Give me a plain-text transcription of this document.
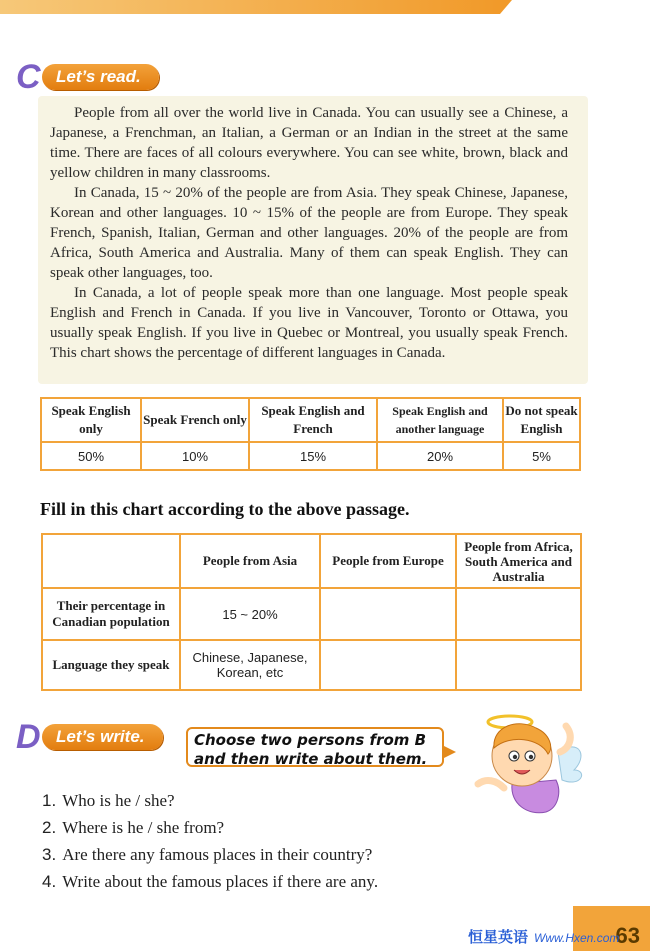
C Let’s read.

People from all over the world live in Canada. You can usually see a Chinese, a Japanese, a Frenchman, an Italian, a German or an Indian in the street at the same time. There are faces of all colours everywhere. You can see white, brown, black and yellow children in many classrooms.

In Canada, 15 ~ 20% of the people are from Asia. They speak Chinese, Japanese, Korean and other languages. 10 ~ 15% of the people are from Europe. They speak French, Spanish, Italian, German and other languages. 20% of the people are from Africa, South America and Australia. Many of them can speak English. They can speak other languages, too.

In Canada, a lot of people speak more than one language. Most people speak English and French in Canada. If you live in Vancouver, Toronto or Ottawa, you usually speak English. If you live in Quebec or Montreal, you usually speak French. This chart shows the percentage of different languages in Canada.

Speak English only	Speak French only	Speak English and French	Speak English and another language	Do not speak English
50%	10%	15%	20%	5%
Fill in this chart according to the above passage.
	People from Asia	People from Europe	People from Africa, South America and Australia
Their percentage in Canadian population	15 ~ 20%		
Language they speak	Chinese, Japanese, Korean, etc		
D Let’s write.	Choose two persons from B and then write about them.
1. Who is he / she?
2. Where is he / she from?
3. Are there any famous places in their country?
4. Write about the famous places if there are any.
63
恒星英语 Www.Hxen.com
